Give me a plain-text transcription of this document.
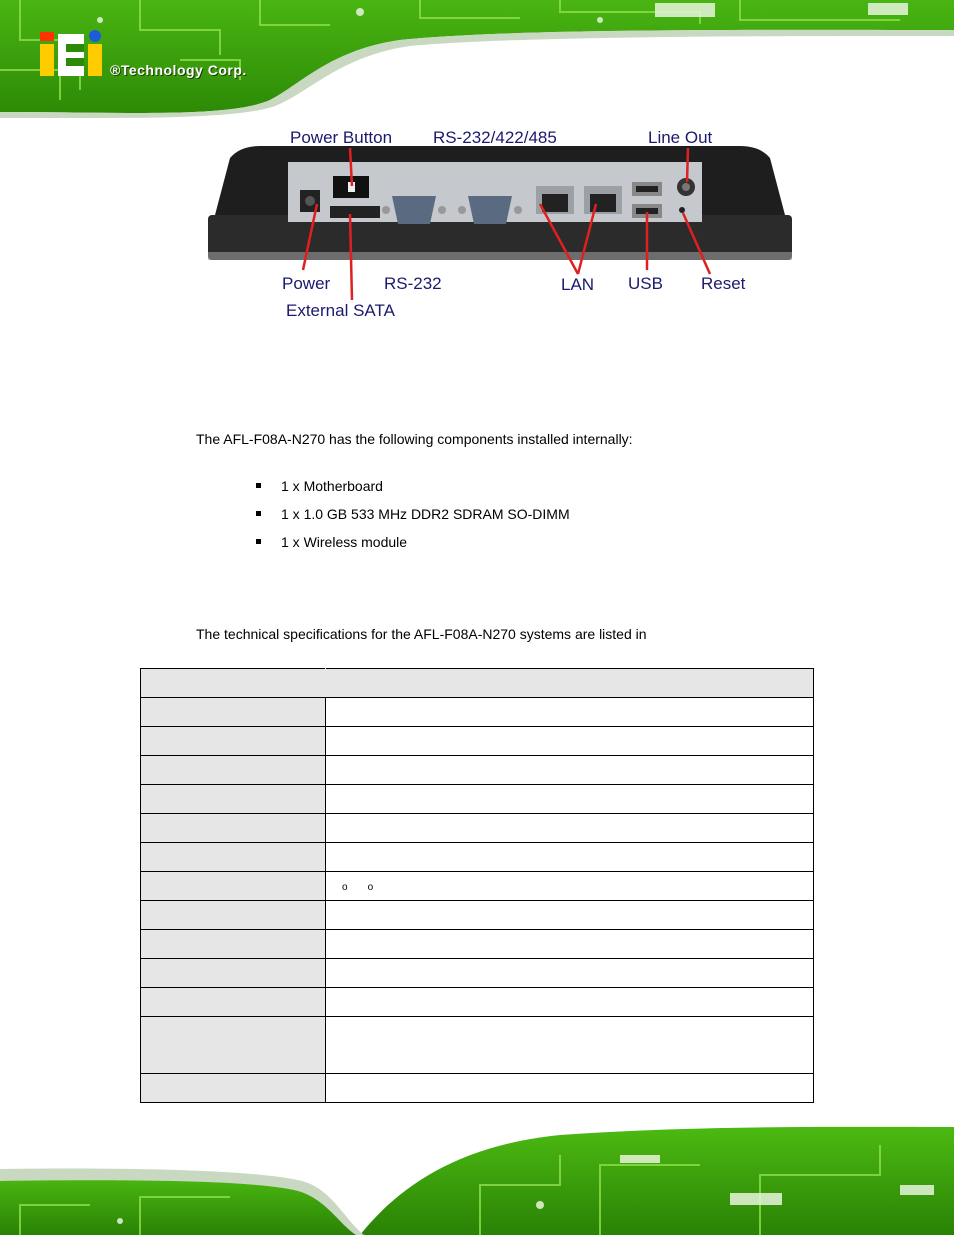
®Technology Corp.
Power Button RS-232/422/485	Line Out
Power	RS-232
External SATA
LAN USB Reset
The AFL-F08A-N270 has the following components installed internally:
1 x Motherboard
1 x 1.0 GB 533 MHz DDR2 SDRAM SO-DIMM
1 x Wireless module
The technical specifications for the AFL-F08A-N270 systems are listed in

	o o
